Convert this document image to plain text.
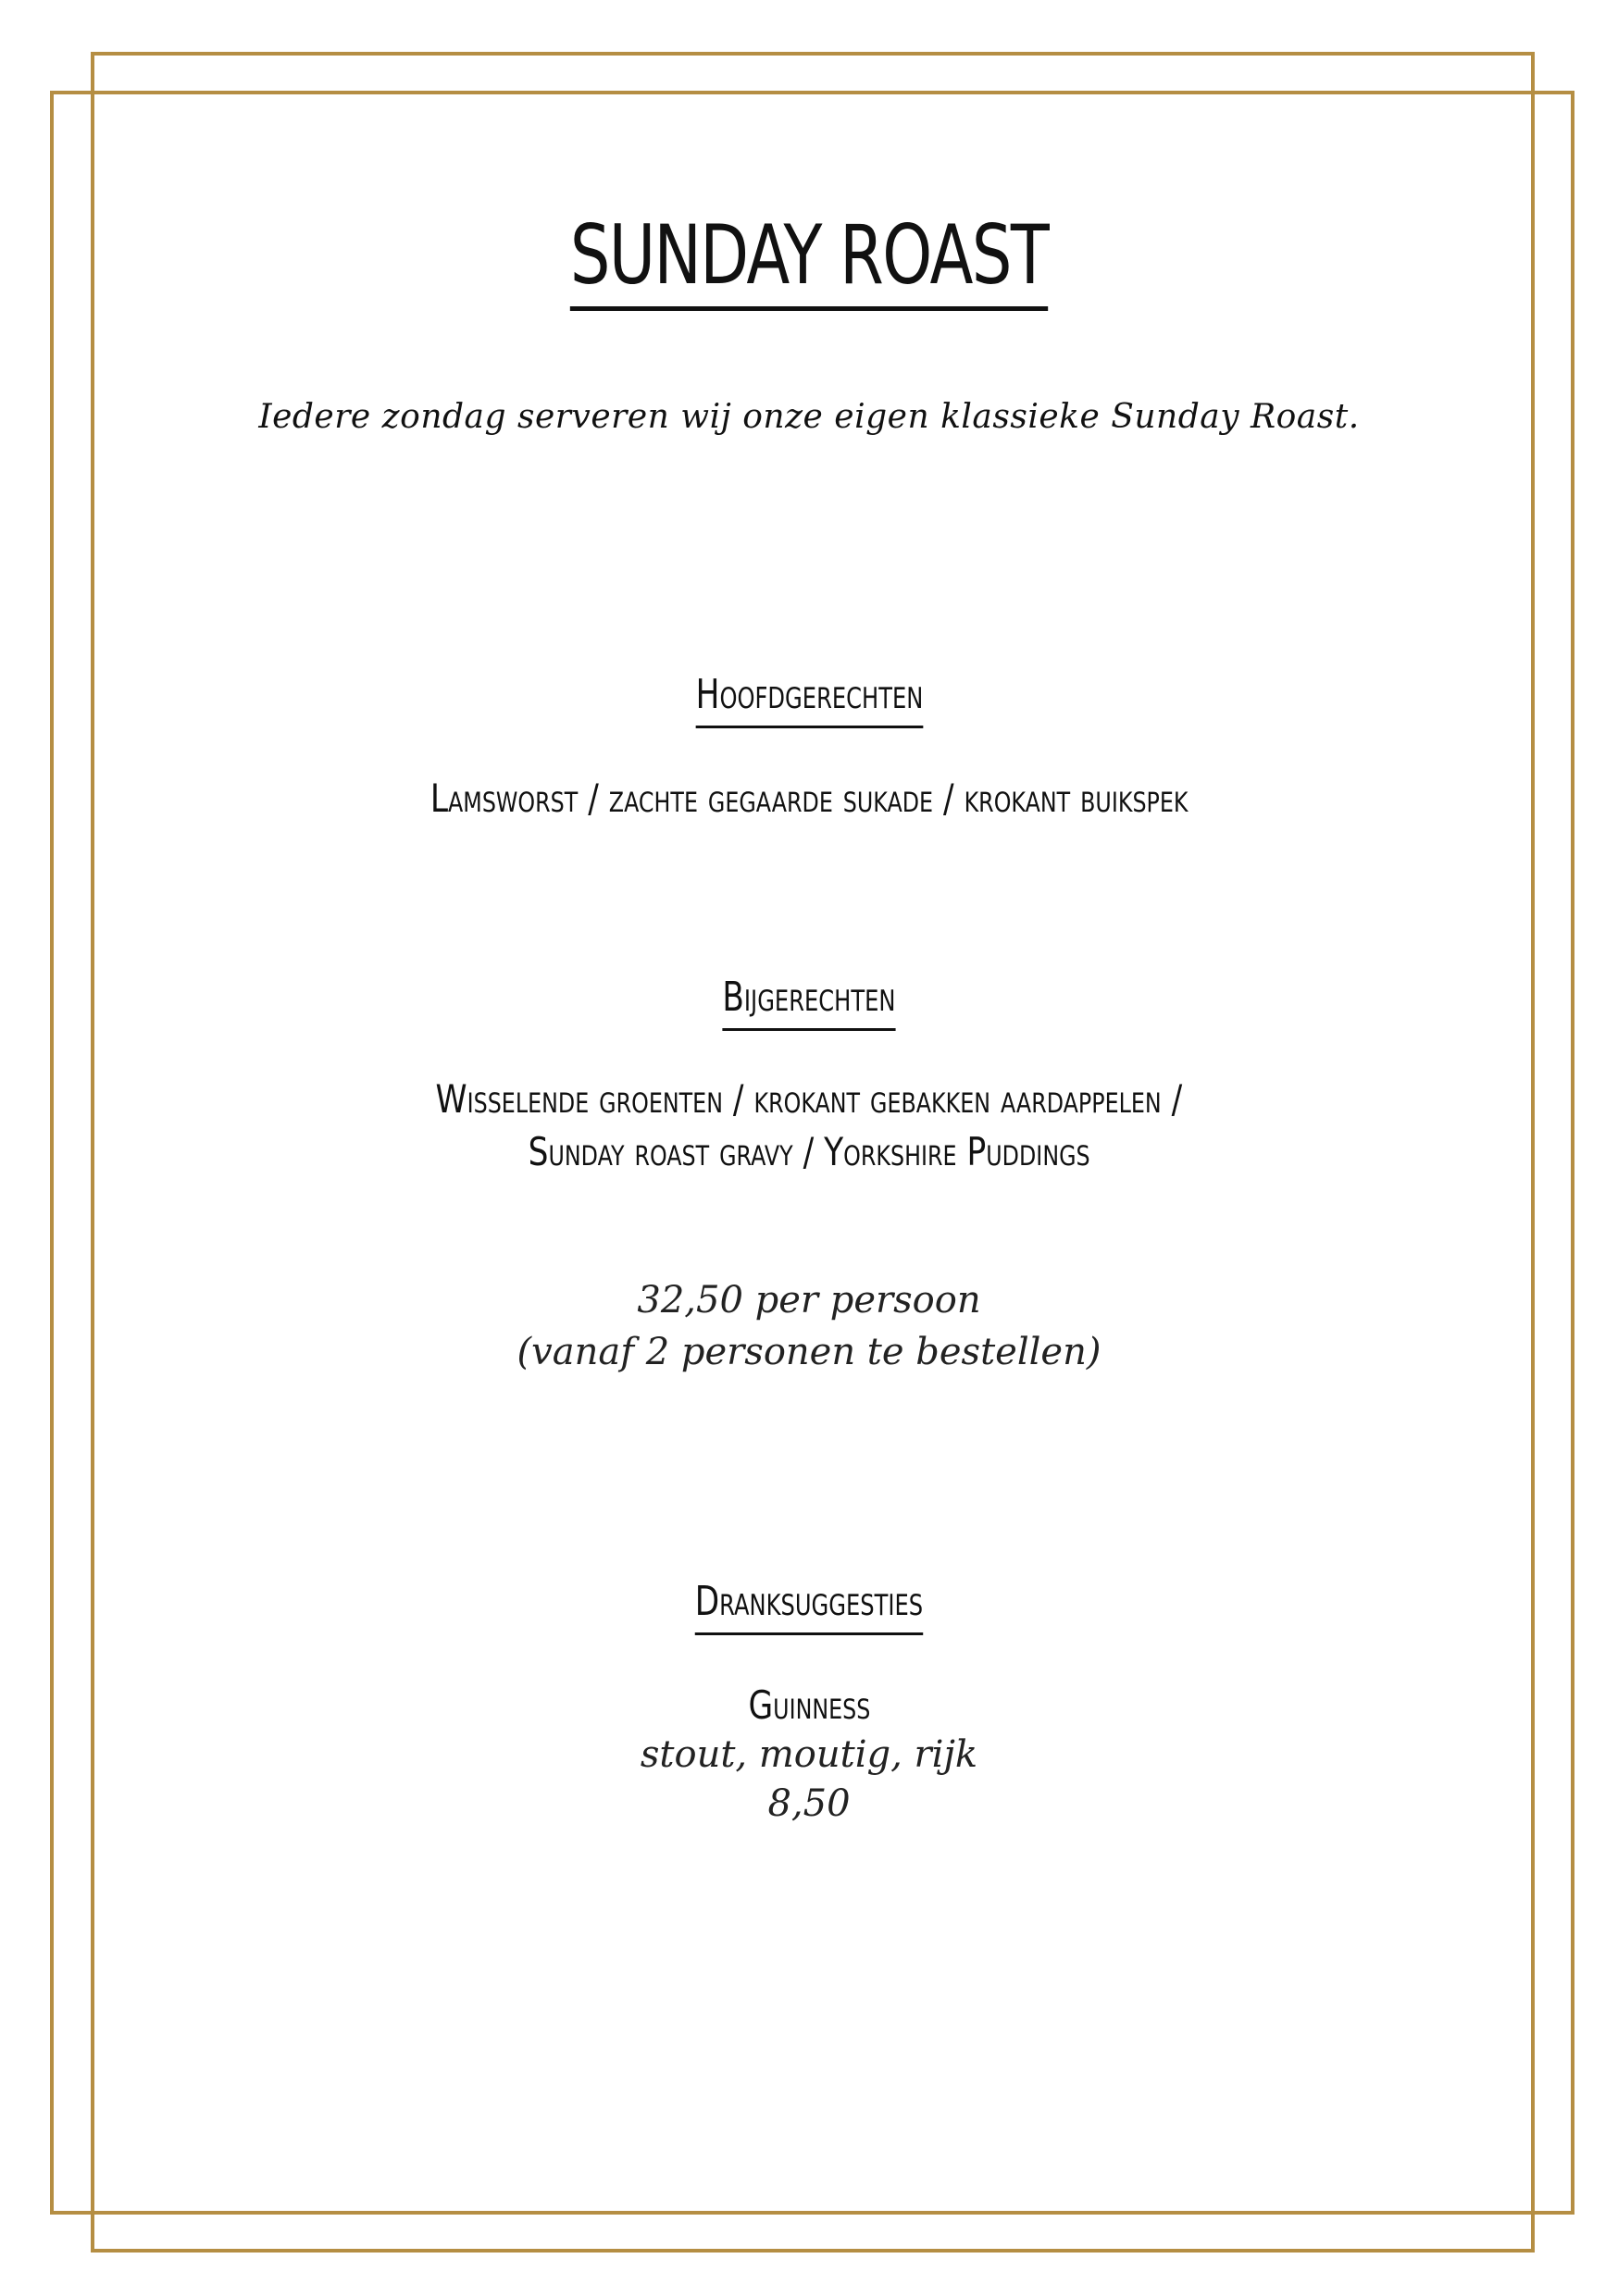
SUNDAY ROAST
Iedere zondag serveren wij onze eigen klassieke Sunday Roast.
Hoofdgerechten
Lamsworst / zachte gegaarde sukade / krokant buikspek
Bijgerechten
Wisselende groenten / krokant gebakken aardappelen /
Sunday roast gravy / Yorkshire Puddings
32,50 per persoon
(vanaf 2 personen te bestellen)
Dranksuggesties
Guinness
stout, moutig, rijk
8,50
